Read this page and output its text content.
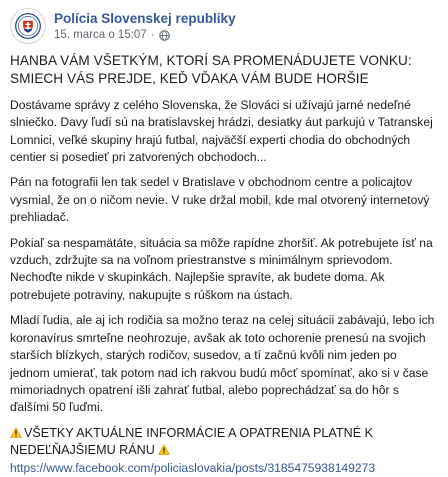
Polícia Slovenskej republiky
15. marca o 15:07 ·

HANBA VÁM VŠETKÝM, KTORÍ SA PROMENÁDUJETE VONKU: SMIECH VÁS PREJDE, KEĎ VĎAKA VÁM BUDE HORŠIE

Dostávame správy z celého Slovenska, že Slováci si užívajú jarné nedeľné slniečko. Davy ľudí sú na bratislavskej hrádzi, desiatky áut parkujú v Tatranskej Lomnici, veľké skupiny hrajú futbal, najväčší experti chodia do obchodných centier si posedieť pri zatvorených obchodoch...

Pán na fotografii len tak sedel v Bratislave v obchodnom centre a policajtov vysmial, že on o ničom nevie. V ruke držal mobil, kde mal otvorený internetový prehliadač.

Pokiaľ sa nespamätáte, situácia sa môže rapídne zhoršiť. Ak potrebujete ísť na vzduch, zdržujte sa na voľnom priestranstve s minimálnym sprievodom. Nechoďte nikde v skupinkách. Najlepšie spravíte, ak budete doma. Ak potrebujete potraviny, nakupujte s rúškom na ústach.

Mladí ľudia, ale aj ich rodičia sa možno teraz na celej situácii zabávajú, lebo ich koronavírus smrteľne neohrozuje, avšak ak toto ochorenie prenesú na svojich starších blízkych, starých rodičov, susedov, a tí začnú kvôli nim jeden po jednom umierať, tak potom nad ich rakvou budú môcť spomínať, ako si v čase mimoriadnych opatrení išli zahrať futbal, alebo poprechádzať sa do hôr s ďalšími 50 ľuďmi.

VŠETKY AKTUÁLNE INFORMÁCIE A OPATRENIA PLATNÉ K NEDEĽŇAJŠIEMU RÁNU

https://www.facebook.com/policiaslovakia/posts/3185475938149273
